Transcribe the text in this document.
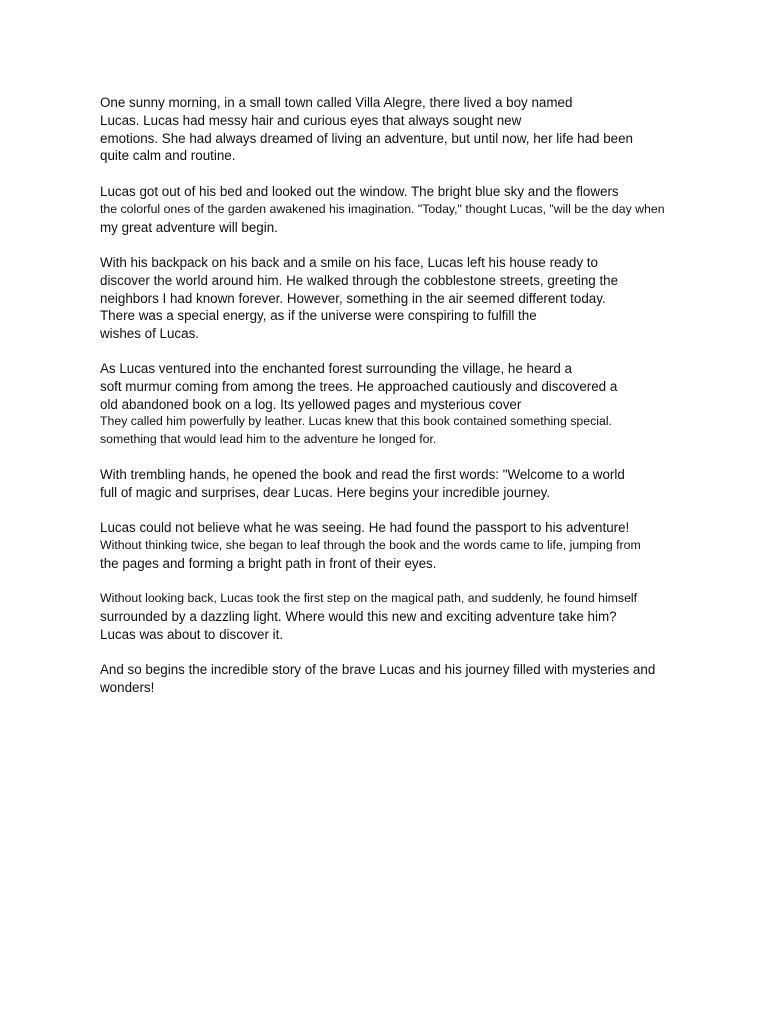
One sunny morning, in a small town called Villa Alegre, there lived a boy named
Lucas. Lucas had messy hair and curious eyes that always sought new
emotions. She had always dreamed of living an adventure, but until now, her life had been
quite calm and routine.
Lucas got out of his bed and looked out the window. The bright blue sky and the flowers
the colorful ones of the garden awakened his imagination. "Today," thought Lucas, "will be the day when
my great adventure will begin.
With his backpack on his back and a smile on his face, Lucas left his house ready to
discover the world around him. He walked through the cobblestone streets, greeting the
neighbors I had known forever. However, something in the air seemed different today.
There was a special energy, as if the universe were conspiring to fulfill the
wishes of Lucas.
As Lucas ventured into the enchanted forest surrounding the village, he heard a
soft murmur coming from among the trees. He approached cautiously and discovered a
old abandoned book on a log. Its yellowed pages and mysterious cover
They called him powerfully by leather. Lucas knew that this book contained something special.
something that would lead him to the adventure he longed for.
With trembling hands, he opened the book and read the first words: "Welcome to a world
full of magic and surprises, dear Lucas. Here begins your incredible journey.
Lucas could not believe what he was seeing. He had found the passport to his adventure!
Without thinking twice, she began to leaf through the book and the words came to life, jumping from
the pages and forming a bright path in front of their eyes.
Without looking back, Lucas took the first step on the magical path, and suddenly, he found himself
surrounded by a dazzling light. Where would this new and exciting adventure take him?
Lucas was about to discover it.
And so begins the incredible story of the brave Lucas and his journey filled with mysteries and
wonders!
